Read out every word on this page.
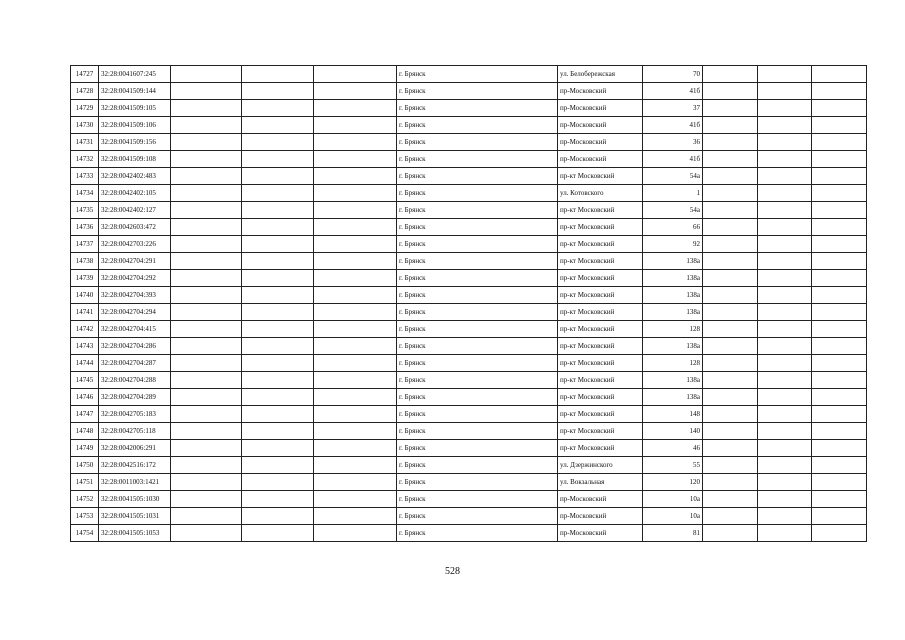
14727	32:28:0041607:245				г. Брянск	ул. Белобережская	70			
14728	32:28:0041509:144				г. Брянск	пр-Московский	41б			
14729	32:28:0041509:105				г. Брянск	пр-Московский	37			
14730	32:28:0041509:106				г. Брянск	пр-Московский	41б			
14731	32:28:0041509:156				г. Брянск	пр-Московский	36			
14732	32:28:0041509:108				г. Брянск	пр-Московский	41б			
14733	32:28:0042402:483				г. Брянск	пр-кт Московский	54а			
14734	32:28:0042402:105				г. Брянск	ул. Котовского	1			
14735	32:28:0042402:127				г. Брянск	пр-кт Московский	54а			
14736	32:28:0042603:472				г. Брянск	пр-кт Московский	66			
14737	32:28:0042703:226				г. Брянск	пр-кт Московский	92			
14738	32:28:0042704:291				г. Брянск	пр-кт Московский	138а			
14739	32:28:0042704:292				г. Брянск	пр-кт Московский	138а			
14740	32:28:0042704:393				г. Брянск	пр-кт Московский	138а			
14741	32:28:0042704:294				г. Брянск	пр-кт Московский	138а			
14742	32:28:0042704:415				г. Брянск	пр-кт Московский	128			
14743	32:28:0042704:286				г. Брянск	пр-кт Московский	138а			
14744	32:28:0042704:287				г. Брянск	пр-кт Московский	128			
14745	32:28:0042704:288				г. Брянск	пр-кт Московский	138а			
14746	32:28:0042704:289				г. Брянск	пр-кт Московский	138а			
14747	32:28:0042705:183				г. Брянск	пр-кт Московский	148			
14748	32:28:0042705:118				г. Брянск	пр-кт Московский	140			
14749	32:28:0042006:291				г. Брянск	пр-кт Московский	46			
14750	32:28:0042516:172				г. Брянск	ул. Дзержинского	55			
14751	32:28:0011003:1421				г. Брянск	ул. Вокзальная	120			
14752	32:28:0041505:1030				г. Брянск	пр-Московский	10а			
14753	32:28:0041505:1031				г. Брянск	пр-Московский	10а			
14754	32:28:0041505:1053				г. Брянск	пр-Московский	81			
528
